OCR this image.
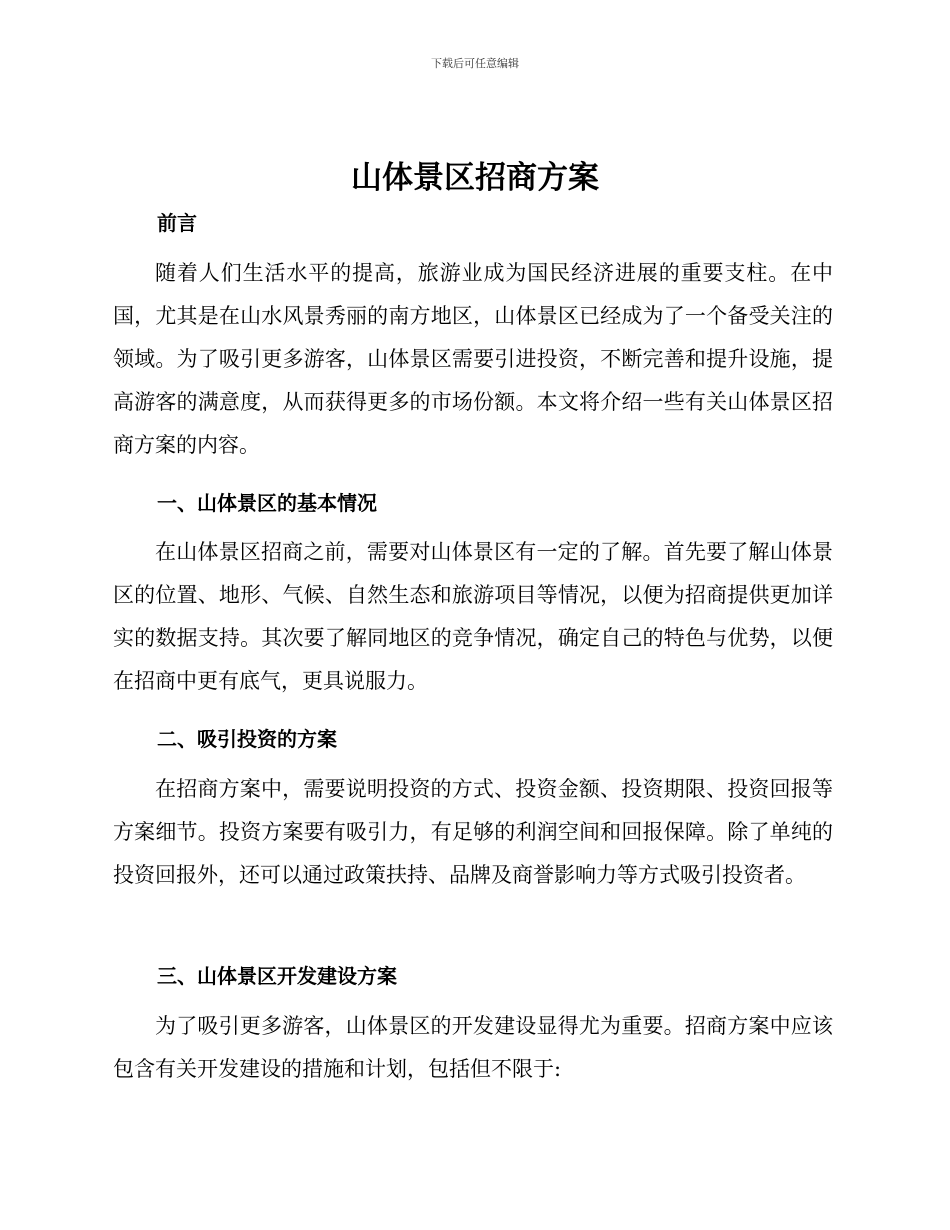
下载后可任意编辑
山体景区招商方案
前言

随着人们生活水平的提高，旅游业成为国民经济进展的重要支柱。在中国，尤其是在山水风景秀丽的南方地区，山体景区已经成为了一个备受关注的领域。为了吸引更多游客，山体景区需要引进投资，不断完善和提升设施，提高游客的满意度，从而获得更多的市场份额。本文将介绍一些有关山体景区招商方案的内容。

一、山体景区的基本情况

在山体景区招商之前，需要对山体景区有一定的了解。首先要了解山体景区的位置、地形、气候、自然生态和旅游项目等情况，以便为招商提供更加详实的数据支持。其次要了解同地区的竞争情况，确定自己的特色与优势，以便在招商中更有底气，更具说服力。

二、吸引投资的方案

在招商方案中，需要说明投资的方式、投资金额、投资期限、投资回报等方案细节。投资方案要有吸引力，有足够的利润空间和回报保障。除了单纯的投资回报外，还可以通过政策扶持、品牌及商誉影响力等方式吸引投资者。

三、山体景区开发建设方案

为了吸引更多游客，山体景区的开发建设显得尤为重要。招商方案中应该包含有关开发建设的措施和计划，包括但不限于:
